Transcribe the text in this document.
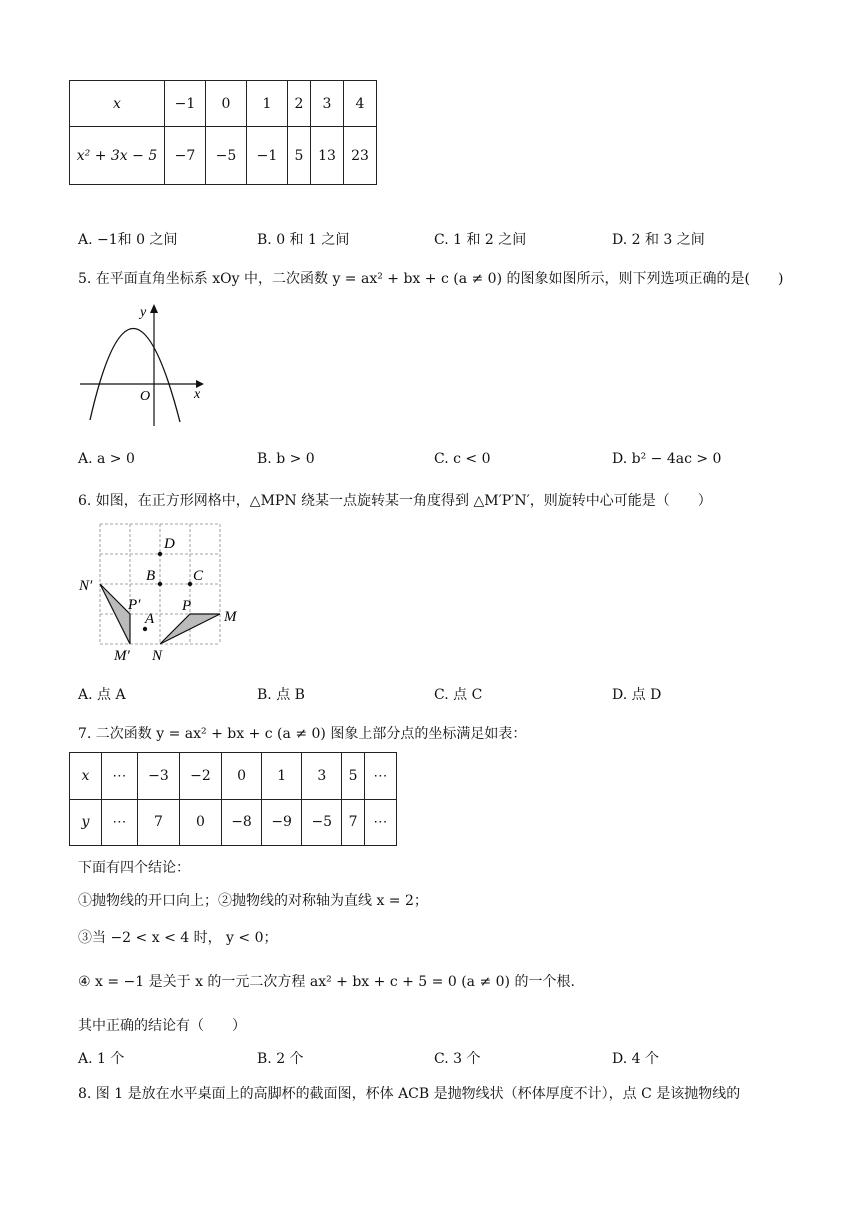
x	−1	0	1	2	3	4
x² + 3x − 5	−7	−5	−1	5	13	23
A. −1和 0 之间	B. 0 和 1 之间	C. 1 和 2 之间	D. 2 和 3 之间
5. 在平面直角坐标系 xOy 中，二次函数 y = ax² + bx + c (a ≠ 0) 的图象如图所示，则下列选项正确的是(　　)
y
x
O
A. a > 0	B. b > 0	C. c < 0	D. b² − 4ac > 0
6. 如图，在正方形网格中，△MPN 绕某一点旋转某一角度得到 △M′P′N′，则旋转中心可能是（　　）
D
B	C
A
N′
P′
M′
P
M
N
A. 点 A	B. 点 B	C. 点 C	D. 点 D
7. 二次函数 y = ax² + bx + c (a ≠ 0) 图象上部分点的坐标满足如表：
x	⋯	−3	−2	0	1	3	5	⋯
y	⋯	7	0	−8	−9	−5	7	⋯
下面有四个结论：
①抛物线的开口向上；②抛物线的对称轴为直线 x = 2；
③当 −2 < x < 4 时， y < 0；
④ x = −1 是关于 x 的一元二次方程 ax² + bx + c + 5 = 0 (a ≠ 0) 的一个根.
其中正确的结论有（　　）
A. 1 个	B. 2 个	C. 3 个	D. 4 个
8. 图 1 是放在水平桌面上的高脚杯的截面图，杯体 ACB 是抛物线状（杯体厚度不计），点 C 是该抛物线的
